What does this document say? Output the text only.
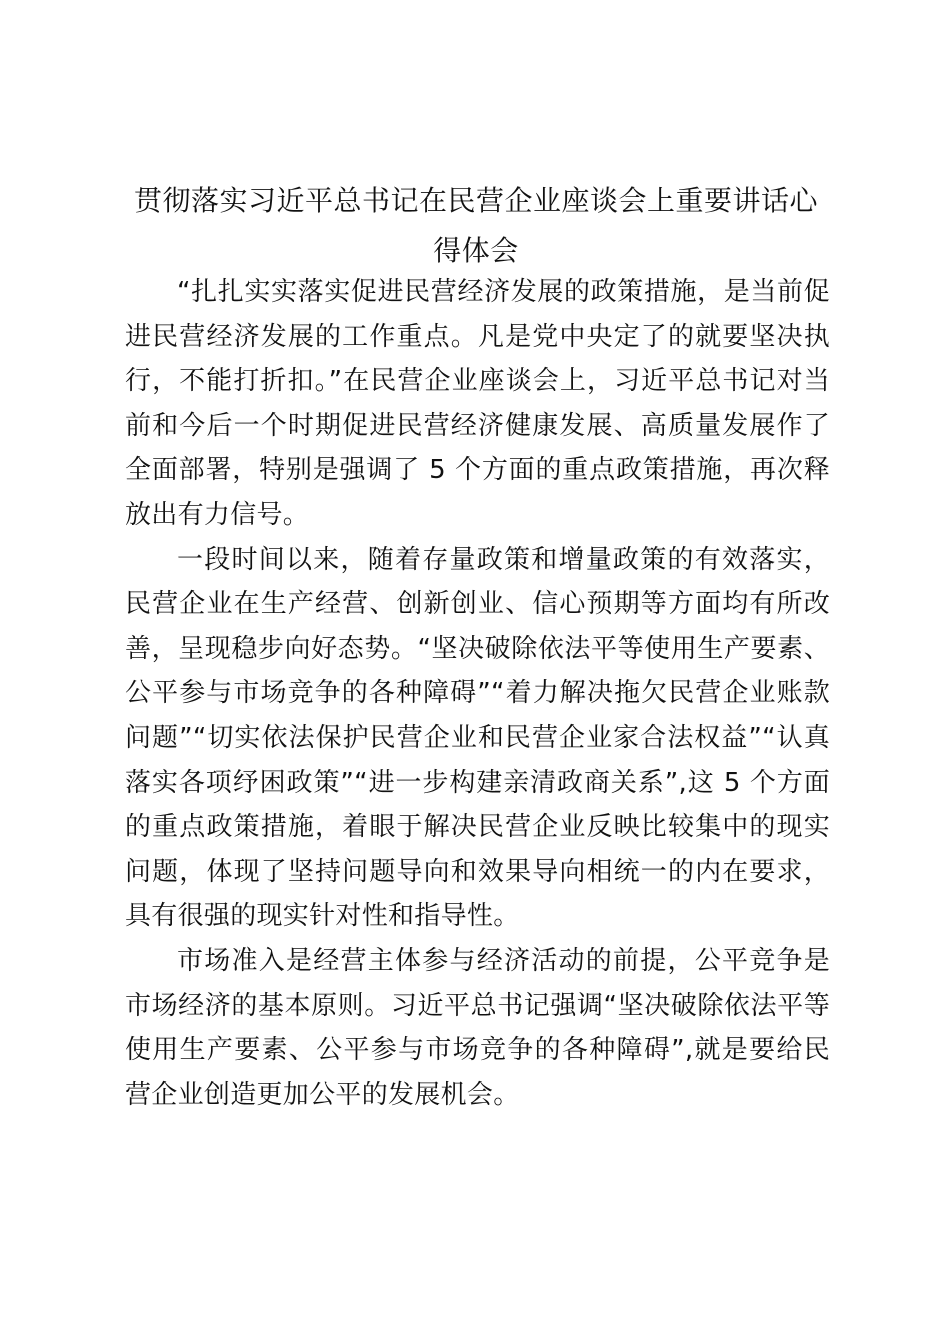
贯彻落实习近平总书记在民营企业座谈会上重要讲话心得体会

“扎扎实实落实促进民营经济发展的政策措施，是当前促进民营经济发展的工作重点。凡是党中央定了的就要坚决执行，不能打折扣。”在民营企业座谈会上，习近平总书记对当前和今后一个时期促进民营经济健康发展、高质量发展作了全面部署，特别是强调了 5 个方面的重点政策措施，再次释放出有力信号。

一段时间以来，随着存量政策和增量政策的有效落实，民营企业在生产经营、创新创业、信心预期等方面均有所改善，呈现稳步向好态势。“坚决破除依法平等使用生产要素、公平参与市场竞争的各种障碍”“着力解决拖欠民营企业账款问题”“切实依法保护民营企业和民营企业家合法权益”“认真落实各项纾困政策”“进一步构建亲清政商关系”,这 5 个方面的重点政策措施，着眼于解决民营企业反映比较集中的现实问题，体现了坚持问题导向和效果导向相统一的内在要求，具有很强的现实针对性和指导性。

市场准入是经营主体参与经济活动的前提，公平竞争是市场经济的基本原则。习近平总书记强调“坚决破除依法平等使用生产要素、公平参与市场竞争的各种障碍”,就是要给民营企业创造更加公平的发展机会。
